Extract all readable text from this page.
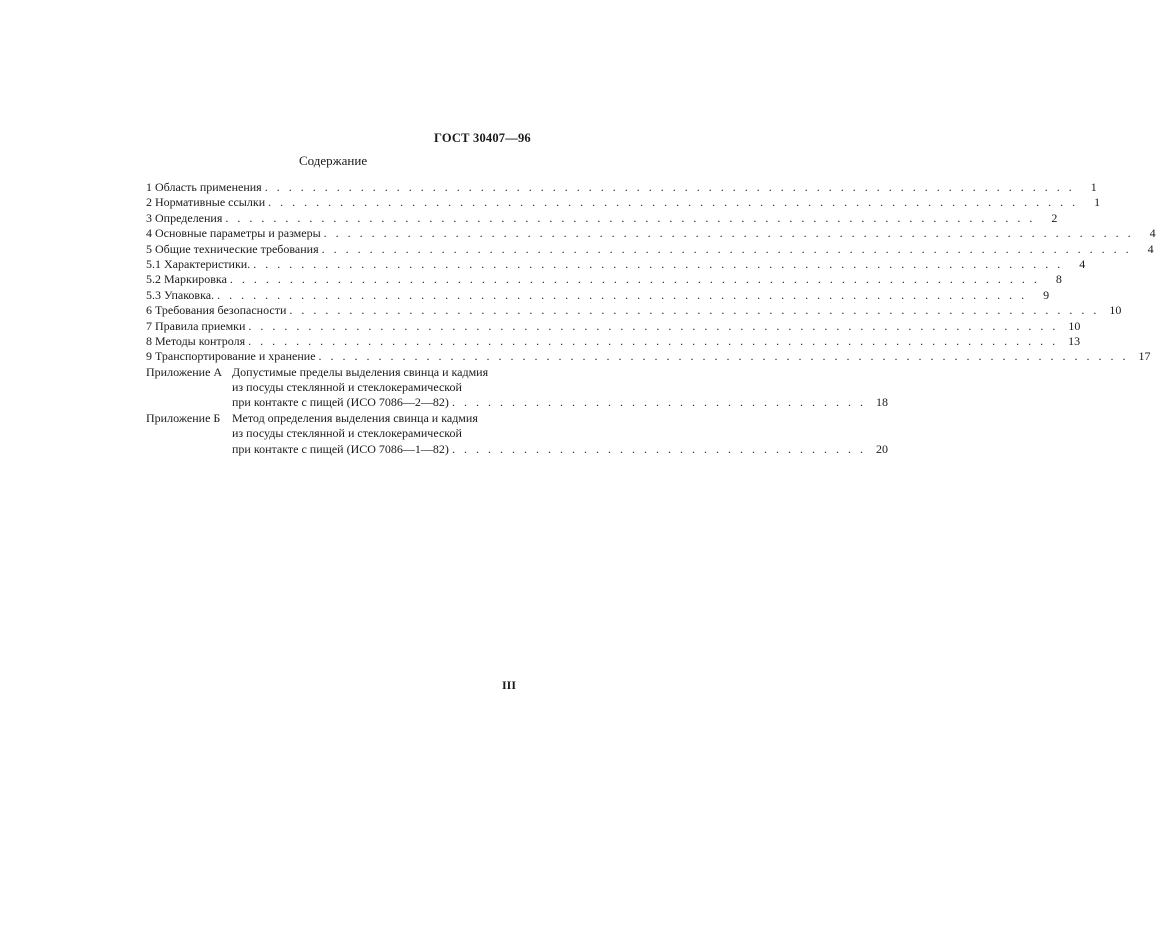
ГОСТ 30407—96
Содержание
1 Область применения . . .	1
2 Нормативные ссылки . . .	1
3 Определения . . .	2
4 Основные параметры и размеры . . .	4
5 Общие технические требования . . .	4
5.1 Характеристики. . . .	4
5.2 Маркировка . . .	8
5.3 Упаковка. . . .	9
6 Требования безопасности . . .	10
7 Правила приемки . . .	10
8 Методы контроля . . .	13
9 Транспортирование и хранение . . .	17
Приложение А Допустимые пределы выделения свинца и кадмия
из посуды стеклянной и стеклокерамической
при контакте с пищей (ИСО 7086—2—82) . . .	18
Приложение Б Метод определения выделения свинца и кадмия
из посуды стеклянной и стеклокерамической
при контакте с пищей (ИСО 7086—1—82) . . .	20
III
